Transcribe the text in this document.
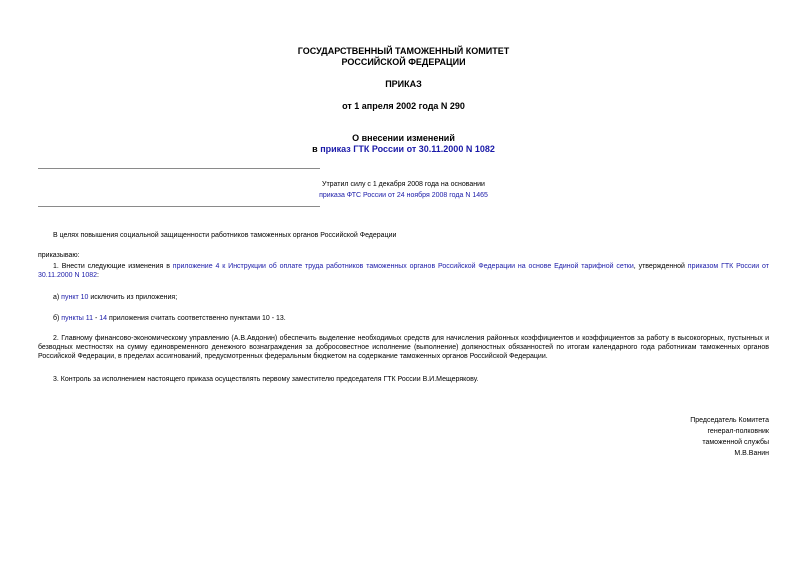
ГОСУДАРСТВЕННЫЙ ТАМОЖЕННЫЙ КОМИТЕТ
РОССИЙСКОЙ ФЕДЕРАЦИИ
ПРИКАЗ
от 1 апреля 2002 года N 290
О внесении изменений
в приказ ГТК России от 30.11.2000 N 1082
Утратил силу с 1 декабря 2008 года на основании
приказа ФТС России от 24 ноября 2008 года N 1465
В целях повышения социальной защищенности работников таможенных органов Российской Федерации
приказываю:
1. Внести следующие изменения в приложение 4 к Инструкции об оплате труда работников таможенных органов Российской Федерации на основе Единой тарифной сетки, утвержденной приказом ГТК России от 30.11.2000 N 1082:
а) пункт 10 исключить из приложения;
б) пункты 11 - 14 приложения считать соответственно пунктами 10 - 13.
2. Главному финансово-экономическому управлению (А.В.Авдонин) обеспечить выделение необходимых средств для начисления районных коэффициентов и коэффициентов за работу в высокогорных, пустынных и безводных местностях на сумму единовременного денежного вознаграждения за добросовестное исполнение (выполнение) должностных обязанностей по итогам календарного года работникам таможенных органов Российской Федерации, в пределах ассигнований, предусмотренных федеральным бюджетом на содержание таможенных органов Российской Федерации.
3. Контроль за исполнением настоящего приказа осуществлять первому заместителю председателя ГТК России В.И.Мещерякову.
Председатель Комитета
генерал-полковник
таможенной службы
М.В.Ванин
